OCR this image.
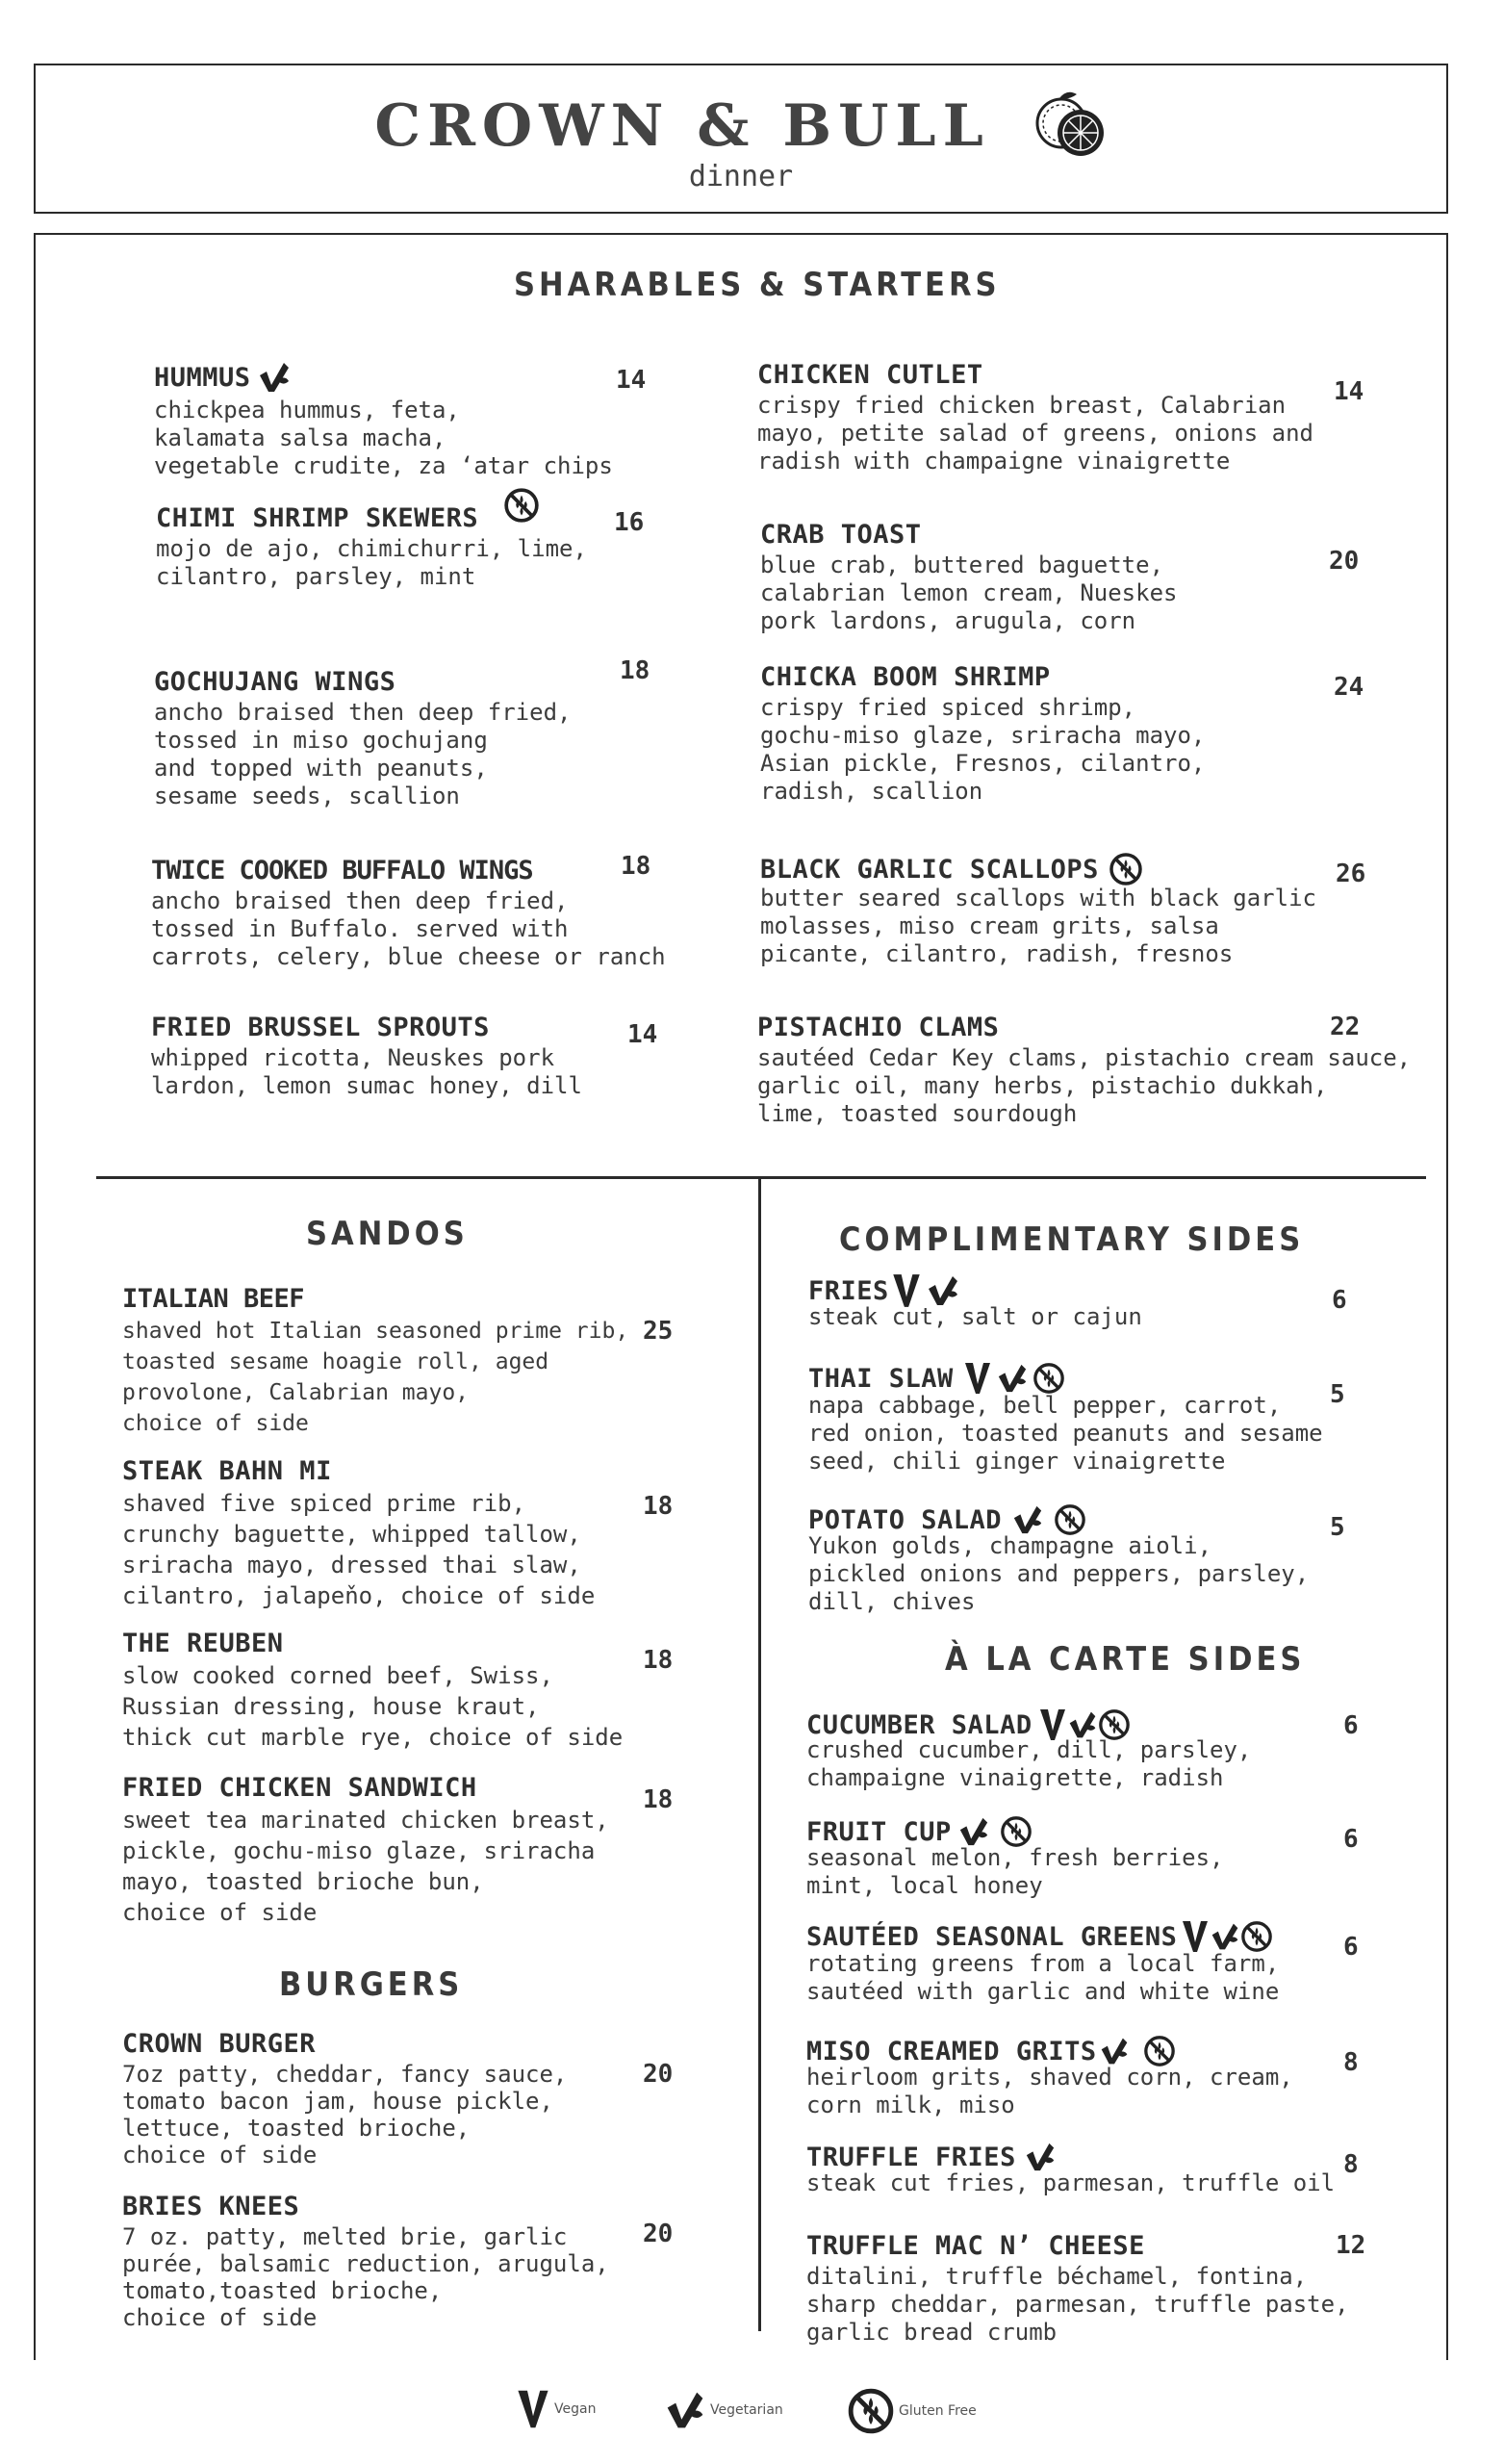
CROWN & BULL
dinner
SHARABLES & STARTERS
HUMMUS
chickpea hummus, feta,
kalamata salsa macha,
vegetable crudite, za ‘atar chips
14
CHIMI SHRIMP SKEWERS
mojo de ajo, chimichurri, lime,
cilantro, parsley, mint
16
GOCHUJANG WINGS
ancho braised then deep fried,
tossed in miso gochujang
and topped with peanuts,
sesame seeds, scallion
18
TWICE COOKED BUFFALO WINGS
ancho braised then deep fried,
tossed in Buffalo. served with
carrots, celery, blue cheese or ranch
18
FRIED BRUSSEL SPROUTS
whipped ricotta, Neuskes pork
lardon, lemon sumac honey, dill
14
CHICKEN CUTLET
crispy fried chicken breast, Calabrian
mayo, petite salad of greens, onions and
radish with champaigne vinaigrette
14
CRAB TOAST
blue crab, buttered baguette,
calabrian lemon cream, Nueskes
pork lardons, arugula, corn
20
CHICKA BOOM SHRIMP
crispy fried spiced shrimp,
gochu-miso glaze, sriracha mayo,
Asian pickle, Fresnos, cilantro,
radish, scallion
24
BLACK GARLIC SCALLOPS
butter seared scallops with black garlic
molasses, miso cream grits, salsa
picante, cilantro, radish, fresnos
26
PISTACHIO CLAMS
sautéed Cedar Key clams, pistachio cream sauce,
garlic oil, many herbs, pistachio dukkah,
lime, toasted sourdough
22
SANDOS
ITALIAN BEEF
shaved hot Italian seasoned prime rib,
toasted sesame hoagie roll, aged
provolone, Calabrian mayo,
choice of side
25
STEAK BAHN MI
shaved five spiced prime rib,
crunchy baguette, whipped tallow,
sriracha mayo, dressed thai slaw,
cilantro, jalapeňo, choice of side
18
THE REUBEN
slow cooked corned beef, Swiss,
Russian dressing, house kraut,
thick cut marble rye, choice of side
18
FRIED CHICKEN SANDWICH
sweet tea marinated chicken breast,
pickle, gochu-miso glaze, sriracha
mayo, toasted brioche bun,
choice of side
18
BURGERS
CROWN BURGER
7oz patty, cheddar, fancy sauce,
tomato bacon jam, house pickle,
lettuce, toasted brioche,
choice of side
20
BRIES KNEES
7 oz. patty, melted brie, garlic
purée, balsamic reduction, arugula,
tomato,toasted brioche,
choice of side
20
COMPLIMENTARY SIDES
FRIES
steak cut, salt or cajun
6
THAI SLAW
napa cabbage, bell pepper, carrot,
red onion, toasted peanuts and sesame
seed, chili ginger vinaigrette
5
POTATO SALAD
Yukon golds, champagne aioli,
pickled onions and peppers, parsley,
dill, chives
5
À LA CARTE SIDES
CUCUMBER SALAD
crushed cucumber, dill, parsley,
champaigne vinaigrette, radish
6
FRUIT CUP
seasonal melon, fresh berries,
mint, local honey
6
SAUTÉED SEASONAL GREENS
rotating greens from a local farm,
sautéed with garlic and white wine
6
MISO CREAMED GRITS
heirloom grits, shaved corn, cream,
corn milk, miso
8
TRUFFLE FRIES
steak cut fries, parmesan, truffle oil
8
TRUFFLE MAC N’ CHEESE
ditalini, truffle béchamel, fontina,
sharp cheddar, parmesan, truffle paste,
garlic bread crumb
12
Vegan	Vegetarian	Gluten Free
